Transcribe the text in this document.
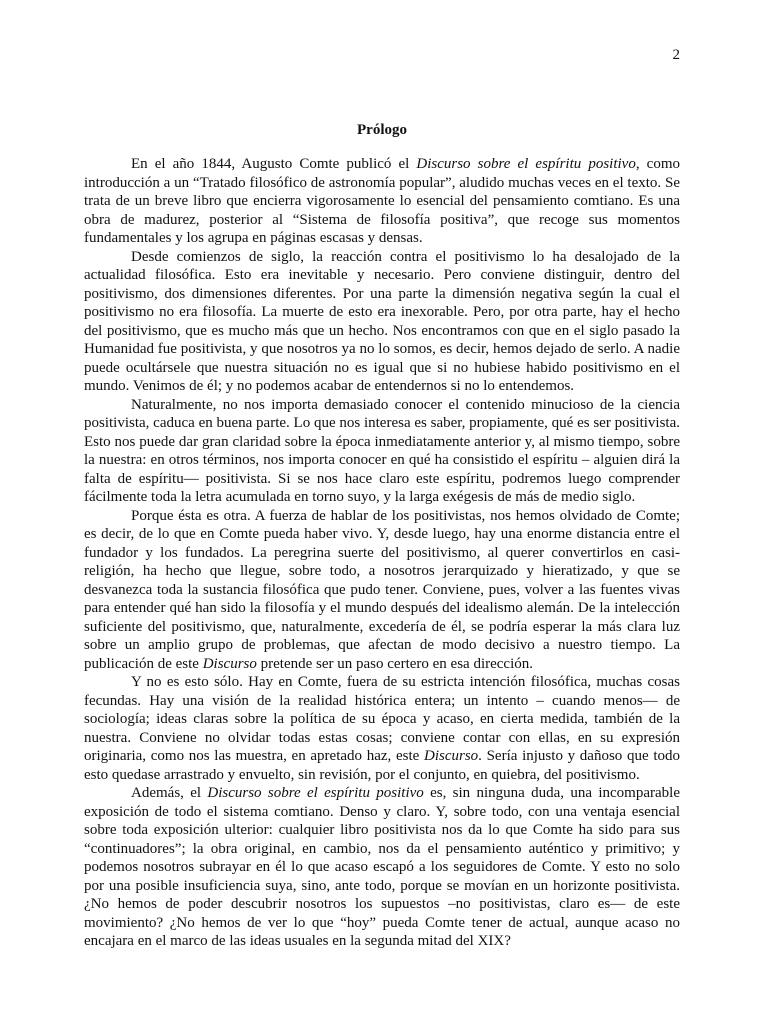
2
Prólogo

En el año 1844, Augusto Comte publicó el Discurso sobre el espíritu positivo, como introducción a un “Tratado filosófico de astronomía popular”, aludido muchas veces en el texto. Se trata de un breve libro que encierra vigorosamente lo esencial del pensamiento comtiano. Es una obra de madurez, posterior al “Sistema de filosofía positiva”, que recoge sus momentos fundamentales y los agrupa en páginas escasas y densas.

Desde comienzos de siglo, la reacción contra el positivismo lo ha desalojado de la actualidad filosófica. Esto era inevitable y necesario. Pero conviene distinguir, dentro del positivismo, dos dimensiones diferentes. Por una parte la dimensión negativa según la cual el positivismo no era filosofía. La muerte de esto era inexorable. Pero, por otra parte, hay el hecho del positivismo, que es mucho más que un hecho. Nos encontramos con que en el siglo pasado la Humanidad fue positivista, y que nosotros ya no lo somos, es decir, hemos dejado de serlo. A nadie puede ocultársele que nuestra situación no es igual que si no hubiese habido positivismo en el mundo. Venimos de él; y no podemos acabar de entendernos si no lo entendemos.

Naturalmente, no nos importa demasiado conocer el contenido minucioso de la ciencia positivista, caduca en buena parte. Lo que nos interesa es saber, propiamente, qué es ser positivista. Esto nos puede dar gran claridad sobre la época inmediatamente anterior y, al mismo tiempo, sobre la nuestra: en otros términos, nos importa conocer en qué ha consistido el espíritu – alguien dirá la falta de espíritu— positivista. Si se nos hace claro este espíritu, podremos luego comprender fácilmente toda la letra acumulada en torno suyo, y la larga exégesis de más de medio siglo.

Porque ésta es otra. A fuerza de hablar de los positivistas, nos hemos olvidado de Comte; es decir, de lo que en Comte pueda haber vivo. Y, desde luego, hay una enorme distancia entre el fundador y los fundados. La peregrina suerte del positivismo, al querer convertirlos en casi-religión, ha hecho que llegue, sobre todo, a nosotros jerarquizado y hieratizado, y que se desvanezca toda la sustancia filosófica que pudo tener. Conviene, pues, volver a las fuentes vivas para entender qué han sido la filosofía y el mundo después del idealismo alemán. De la intelección suficiente del positivismo, que, naturalmente, excedería de él, se podría esperar la más clara luz sobre un amplio grupo de problemas, que afectan de modo decisivo a nuestro tiempo. La publicación de este Discurso pretende ser un paso certero en esa dirección.

Y no es esto sólo. Hay en Comte, fuera de su estricta intención filosófica, muchas cosas fecundas. Hay una visión de la realidad histórica entera; un intento – cuando menos— de sociología; ideas claras sobre la política de su época y acaso, en cierta medida, también de la nuestra. Conviene no olvidar todas estas cosas; conviene contar con ellas, en su expresión originaria, como nos las muestra, en apretado haz, este Discurso. Sería injusto y dañoso que todo esto quedase arrastrado y envuelto, sin revisión, por el conjunto, en quiebra, del positivismo.

Además, el Discurso sobre el espíritu positivo es, sin ninguna duda, una incomparable exposición de todo el sistema comtiano. Denso y claro. Y, sobre todo, con una ventaja esencial sobre toda exposición ulterior: cualquier libro positivista nos da lo que Comte ha sido para sus “continuadores”; la obra original, en cambio, nos da el pensamiento auténtico y primitivo; y podemos nosotros subrayar en él lo que acaso escapó a los seguidores de Comte. Y esto no solo por una posible insuficiencia suya, sino, ante todo, porque se movían en un horizonte positivista. ¿No hemos de poder descubrir nosotros los supuestos –no positivistas, claro es— de este movimiento? ¿No hemos de ver lo que “hoy” pueda Comte tener de actual, aunque acaso no encajara en el marco de las ideas usuales en la segunda mitad del XIX?
